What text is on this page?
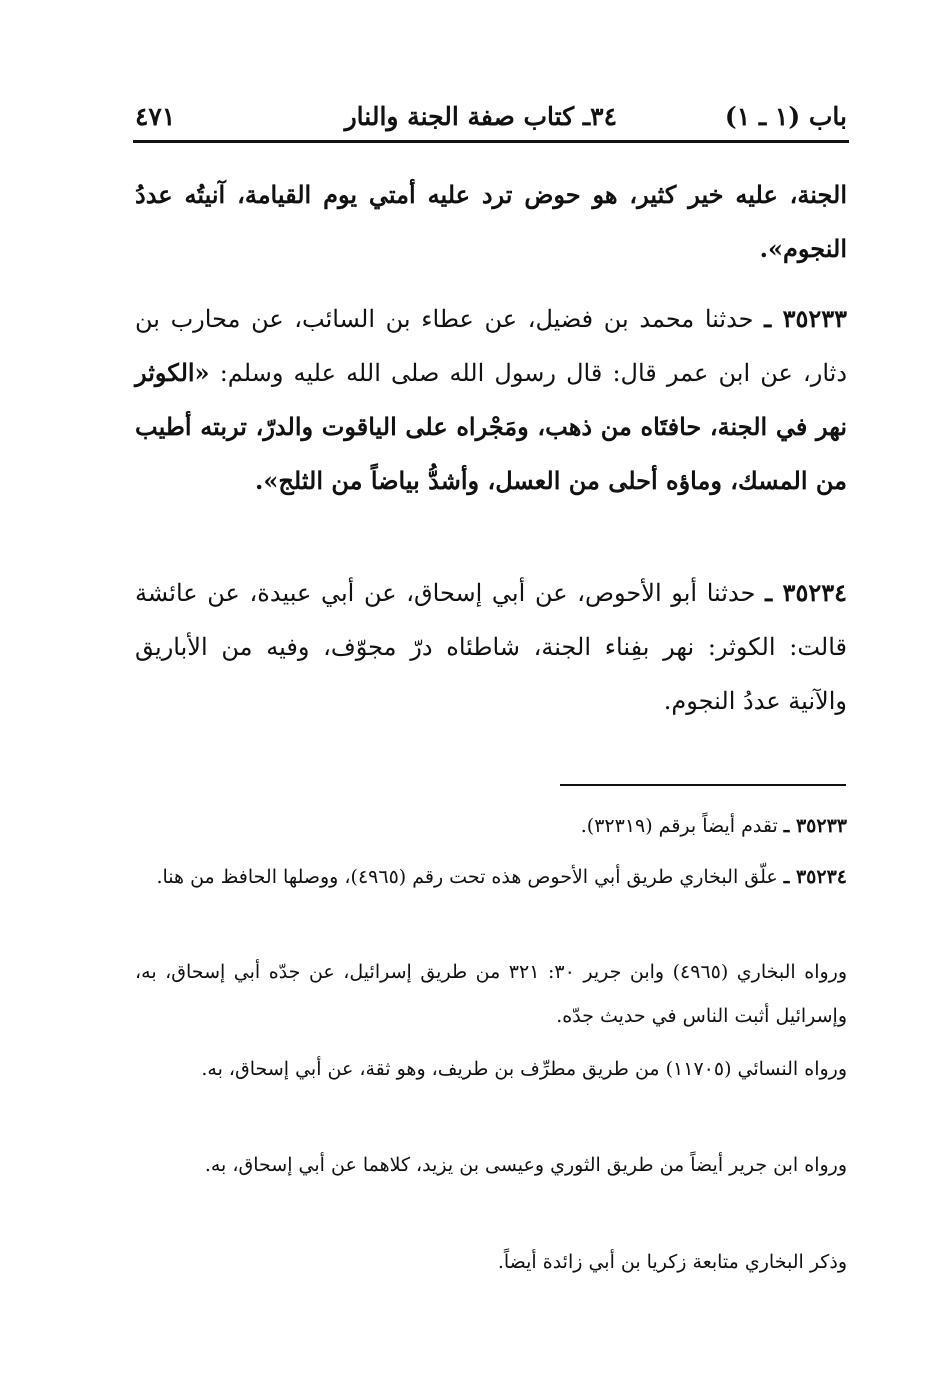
باب (١ ـ ١)
٣٤ـ كتاب صفة الجنة والنار
٤٧١

الجنة، عليه خير كثير، هو حوض ترد عليه أمتي يوم القيامة، آنيتُه عددُ النجوم».

٣٥٢٣٣ ـ حدثنا محمد بن فضيل، عن عطاء بن السائب، عن محارب بن دثار، عن ابن عمر قال: قال رسول الله صلى الله عليه وسلم: «الكوثر نهر في الجنة، حافتَاه من ذهب، ومَجْراه على الياقوت والدرّ، تربته أطيب من المسك، وماؤه أحلى من العسل، وأشدُّ بياضاً من الثلج».

٣٥٢٣٤ ـ حدثنا أبو الأحوص، عن أبي إسحاق، عن أبي عبيدة، عن عائشة قالت: الكوثر: نهر بفِناء الجنة، شاطئاه درّ مجوّف، وفيه من الأباريق والآنية عددُ النجوم.

٣٥٢٣٣ ـ تقدم أيضاً برقم (٣٢٣١٩).

٣٥٢٣٤ ـ علّق البخاري طريق أبي الأحوص هذه تحت رقم (٤٩٦٥)، ووصلها الحافظ من هنا.

ورواه البخاري (٤٩٦٥) وابن جرير ٣٠: ٣٢١ من طريق إسرائيل، عن جدّه أبي إسحاق، به، وإسرائيل أثبت الناس في حديث جدّه.

ورواه النسائي (١١٧٠٥) من طريق مطرِّف بن طريف، وهو ثقة، عن أبي إسحاق، به.

ورواه ابن جرير أيضاً من طريق الثوري وعيسى بن يزيد، كلاهما عن أبي إسحاق، به.

وذكر البخاري متابعة زكريا بن أبي زائدة أيضاً.
